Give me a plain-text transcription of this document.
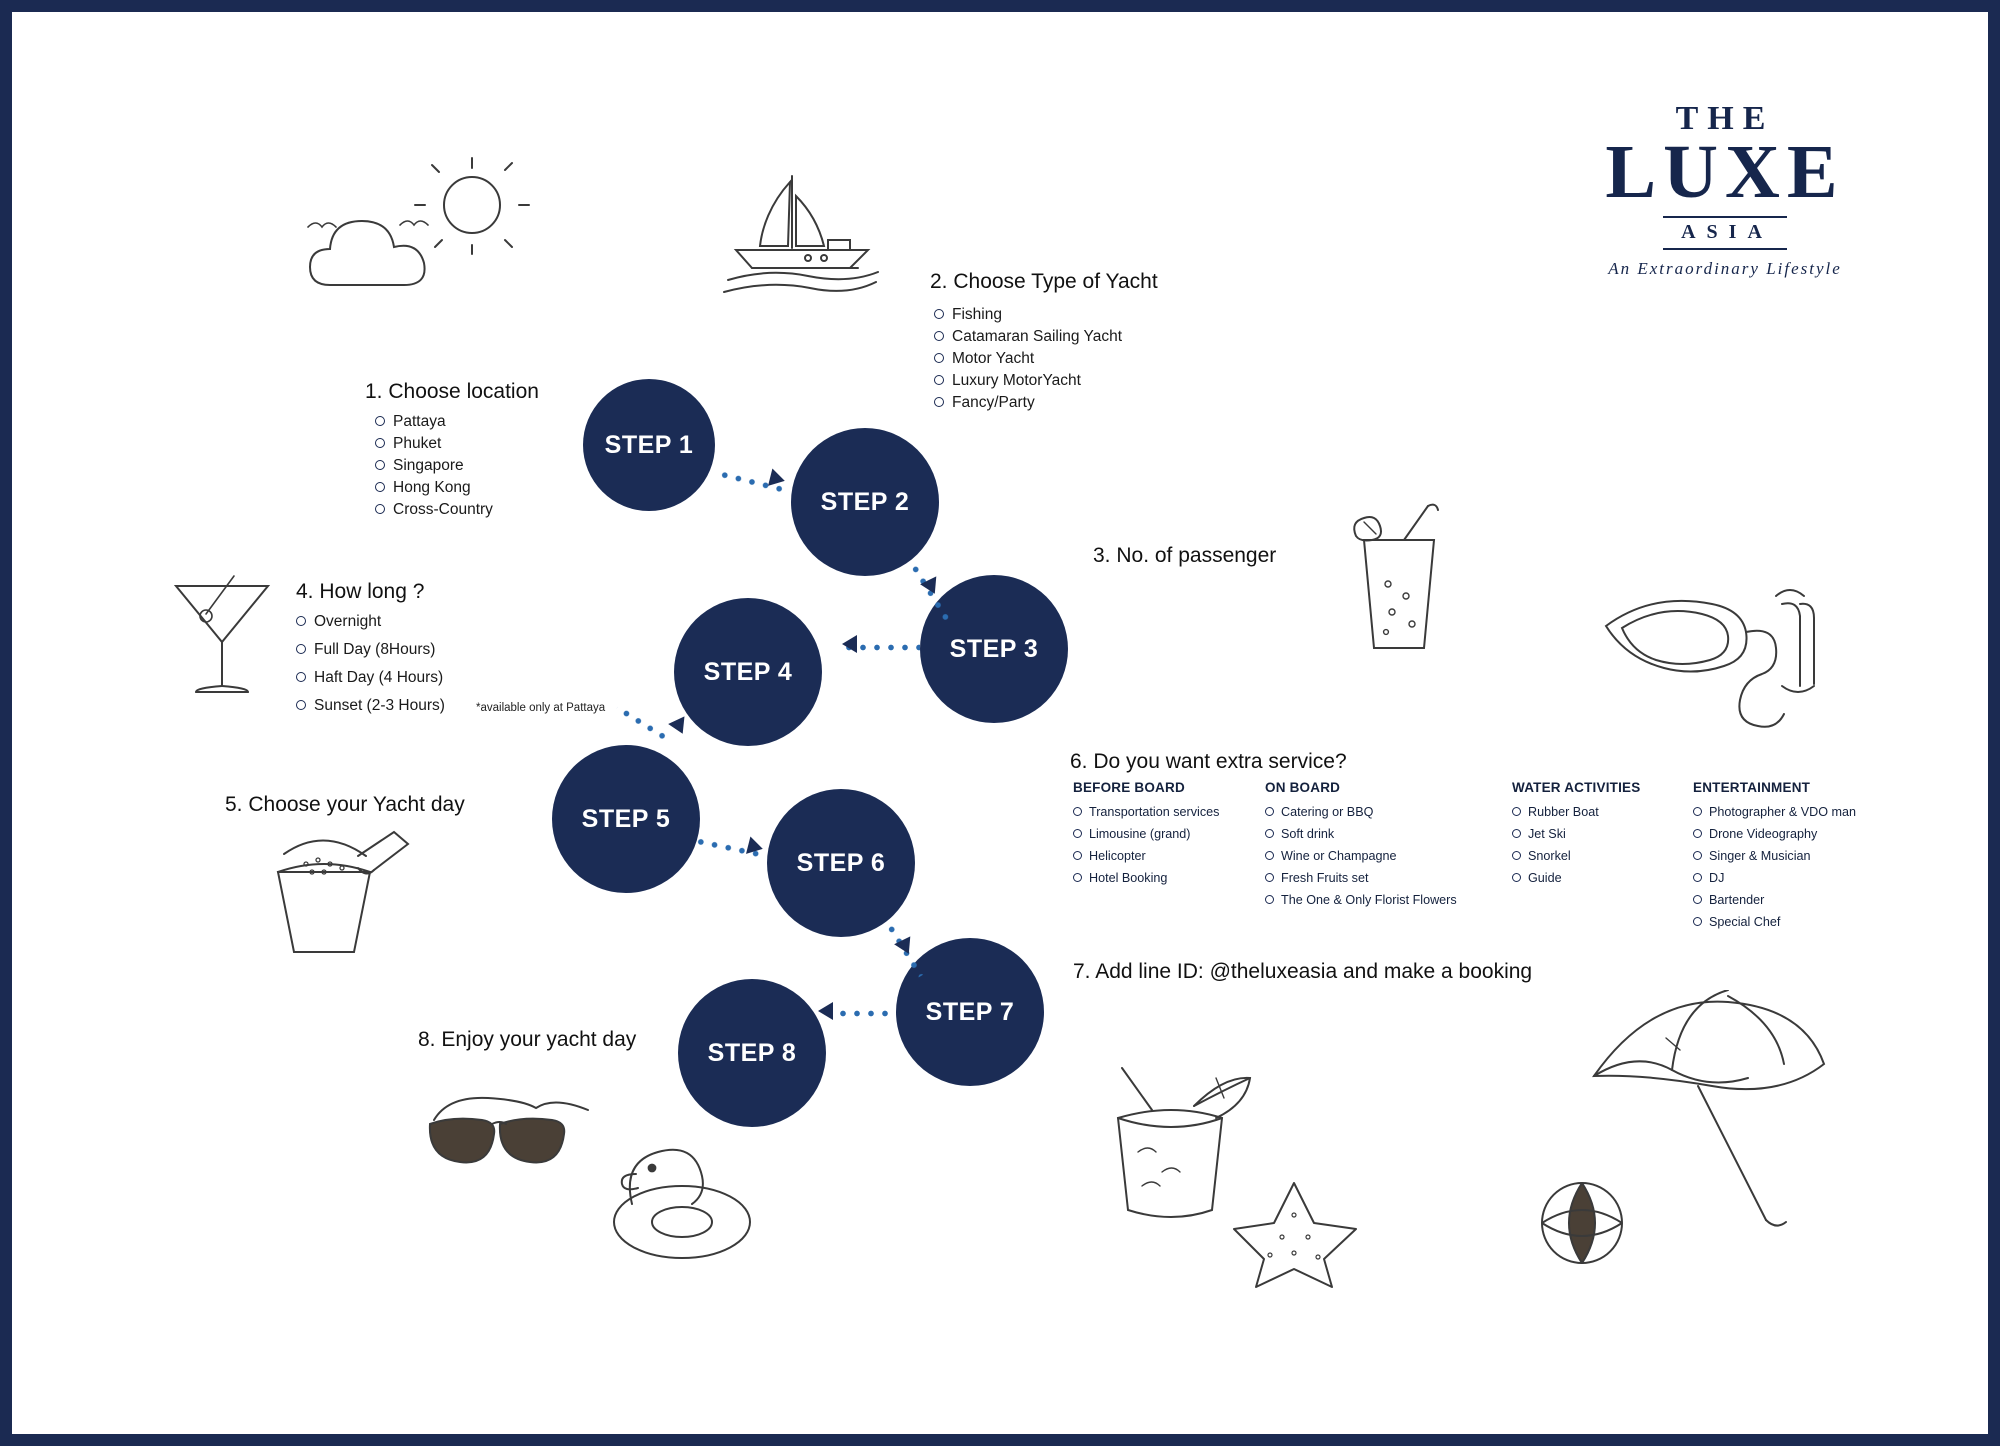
THE
LUXE
ASIA
An Extraordinary Lifestyle
STEP 1
STEP 2
STEP 3
STEP 4
STEP 5
STEP 6
STEP 7
STEP 8
1. Choose location
Pattaya
Phuket
Singapore
Hong Kong
Cross-Country
2. Choose Type of Yacht
Fishing
Catamaran Sailing Yacht
Motor Yacht
Luxury MotorYacht
Fancy/Party
3. No. of passenger
4. How long ?
Overnight
Full Day (8Hours)
Haft Day (4 Hours)
Sunset (2-3 Hours)	*available only at Pattaya
5. Choose your Yacht day
6. Do you want extra service?
BEFORE BOARD
Transportation services
Limousine (grand)
Helicopter
Hotel Booking
ON BOARD
Catering or BBQ
Soft drink
Wine or Champagne
Fresh Fruits set
The One & Only Florist Flowers
WATER ACTIVITIES
Rubber Boat
Jet Ski
Snorkel
Guide
ENTERTAINMENT
Photographer & VDO man
Drone Videography
Singer & Musician
DJ
Bartender
Special Chef
7. Add line ID: @theluxeasia and make a booking
8. Enjoy your yacht day
